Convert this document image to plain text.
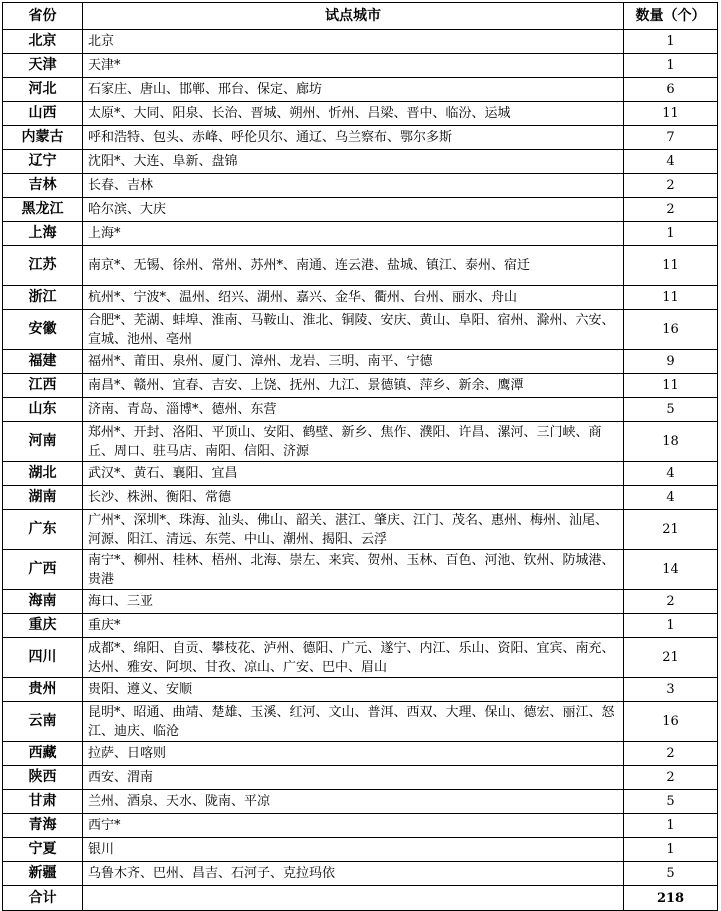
省份	试点城市	数量（个）
北京	北京	1
天津	天津*	1
河北	石家庄、唐山、邯郸、邢台、保定、廊坊	6
山西	太原*、大同、阳泉、长治、晋城、朔州、忻州、吕梁、晋中、临汾、运城	11
内蒙古	呼和浩特、包头、赤峰、呼伦贝尔、通辽、乌兰察布、鄂尔多斯	7
辽宁	沈阳*、大连、阜新、盘锦	4
吉林	长春、吉林	2
黑龙江	哈尔滨、大庆	2
上海	上海*	1
江苏	南京*、无锡、徐州、常州、苏州*、南通、连云港、盐城、镇江、泰州、宿迁	11
浙江	杭州*、宁波*、温州、绍兴、湖州、嘉兴、金华、衢州、台州、丽水、舟山	11
安徽	合肥*、芜湖、蚌埠、淮南、马鞍山、淮北、铜陵、安庆、黄山、阜阳、宿州、滁州、六安、宣城、池州、亳州	16
福建	福州*、莆田、泉州、厦门、漳州、龙岩、三明、南平、宁德	9
江西	南昌*、赣州、宜春、吉安、上饶、抚州、九江、景德镇、萍乡、新余、鹰潭	11
山东	济南、青岛、淄博*、德州、东营	5
河南	郑州*、开封、洛阳、平顶山、安阳、鹤壁、新乡、焦作、濮阳、许昌、漯河、三门峡、商丘、周口、驻马店、南阳、信阳、济源	18
湖北	武汉*、黄石、襄阳、宜昌	4
湖南	长沙、株洲、衡阳、常德	4
广东	广州*、深圳*、珠海、汕头、佛山、韶关、湛江、肇庆、江门、茂名、惠州、梅州、汕尾、河源、阳江、清远、东莞、中山、潮州、揭阳、云浮	21
广西	南宁*、柳州、桂林、梧州、北海、崇左、来宾、贺州、玉林、百色、河池、钦州、防城港、贵港	14
海南	海口、三亚	2
重庆	重庆*	1
四川	成都*、绵阳、自贡、攀枝花、泸州、德阳、广元、遂宁、内江、乐山、资阳、宜宾、南充、达州、雅安、阿坝、甘孜、凉山、广安、巴中、眉山	21
贵州	贵阳、遵义、安顺	3
云南	昆明*、昭通、曲靖、楚雄、玉溪、红河、文山、普洱、西双、大理、保山、德宏、丽江、怒江、迪庆、临沧	16
西藏	拉萨、日喀则	2
陕西	西安、渭南	2
甘肃	兰州、酒泉、天水、陇南、平凉	5
青海	西宁*	1
宁夏	银川	1
新疆	乌鲁木齐、巴州、昌吉、石河子、克拉玛依	5
合计		218
